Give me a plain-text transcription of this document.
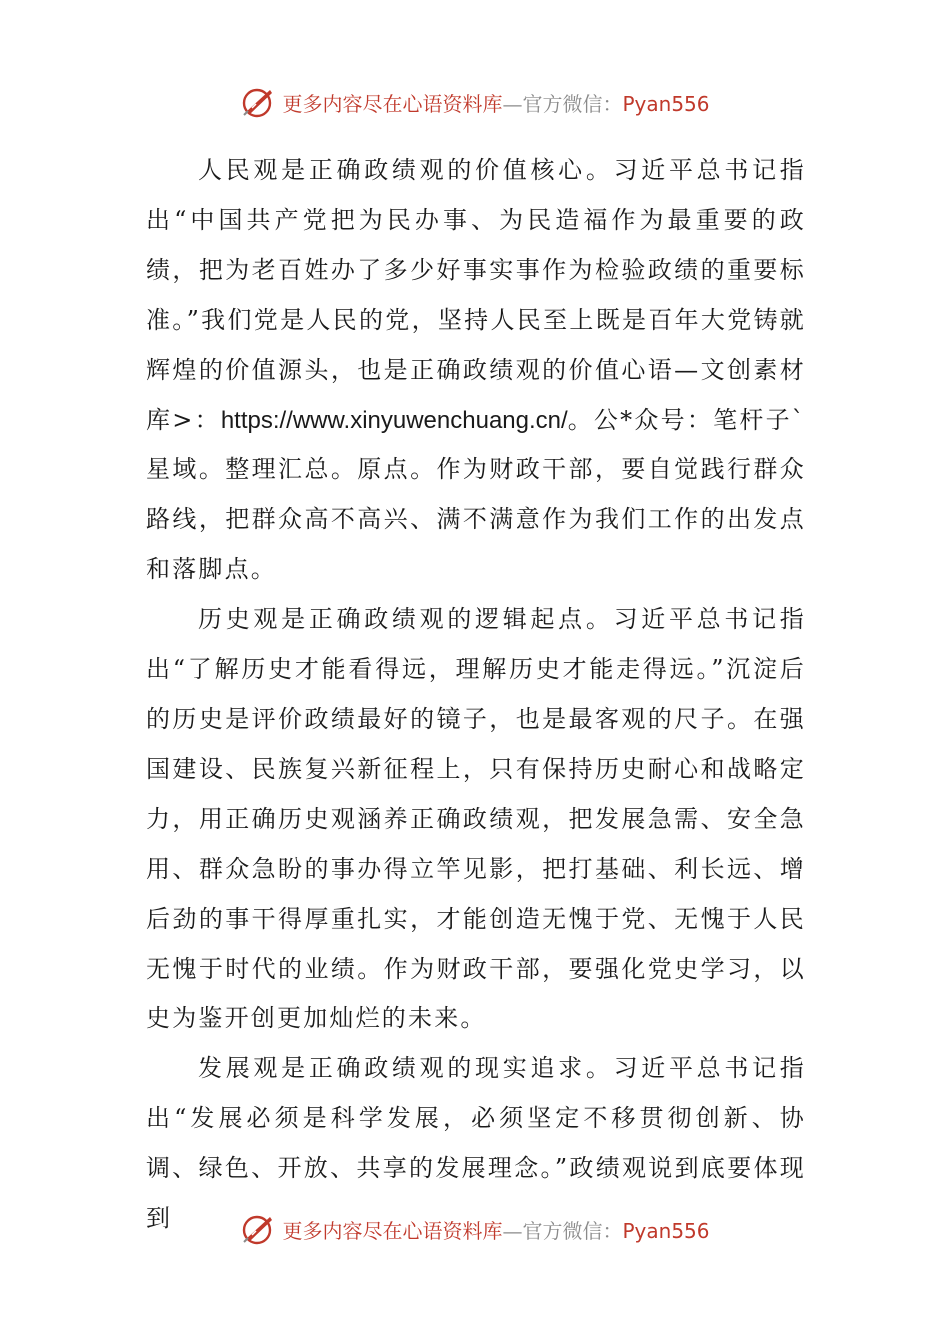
更多内容尽在心语资料库—官方微信：Pyan556

人民观是正确政绩观的价值核心。习近平总书记指出“中国共产党把为民办事、为民造福作为最重要的政绩，把为老百姓办了多少好事实事作为检验政绩的重要标准。”我们党是人民的党，坚持人民至上既是百年大党铸就辉煌的价值源头，也是正确政绩观的价值心语—文创素材库>：https://www.xinyuwenchuang.cn/。公*众号：笔杆子`星域。整理汇总。原点。作为财政干部，要自觉践行群众路线，把群众高不高兴、满不满意作为我们工作的出发点和落脚点。

历史观是正确政绩观的逻辑起点。习近平总书记指出“了解历史才能看得远，理解历史才能走得远。”沉淀后的历史是评价政绩最好的镜子，也是最客观的尺子。在强国建设、民族复兴新征程上，只有保持历史耐心和战略定力，用正确历史观涵养正确政绩观，把发展急需、安全急用、群众急盼的事办得立竿见影，把打基础、利长远、增后劲的事干得厚重扎实，才能创造无愧于党、无愧于人民无愧于时代的业绩。作为财政干部，要强化党史学习，以史为鉴开创更加灿烂的未来。

发展观是正确政绩观的现实追求。习近平总书记指出“发展必须是科学发展，必须坚定不移贯彻创新、协调、绿色、开放、共享的发展理念。”政绩观说到底要体现到	更多内容尽在心语资料库—官方微信：Pyan556
